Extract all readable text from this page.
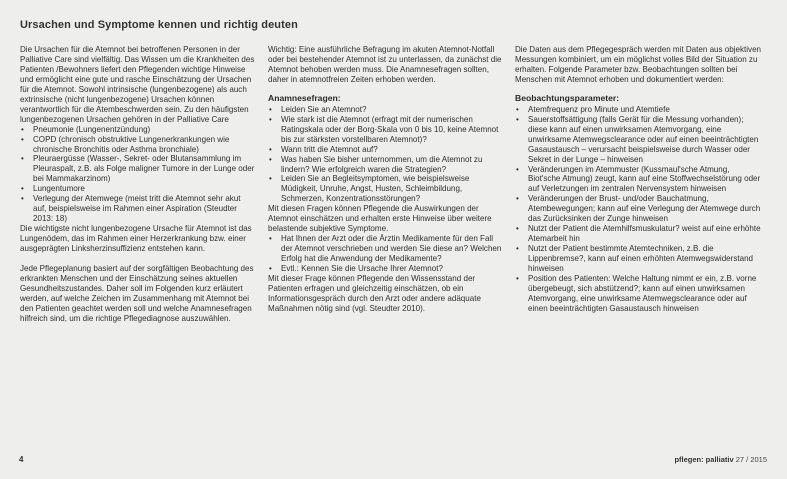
Ursachen und Symptome kennen und richtig deuten

Die Ursachen für die Atemnot bei betroffenen Personen in der Palliative Care sind vielfältig. Das Wissen um die Krankheiten des Patienten /Bewohners liefert den Pflegenden wichtige Hinweise und ermöglicht eine gute und rasche Einschätzung der Ursachen für die Atemnot. Sowohl intrinsische (lungenbezogene) als auch extrinsische (nicht lungenbezogene) Ursachen können verantwortlich für die Atembeschwerden sein. Zu den häufigsten lungenbezogenen Ursachen gehören in der Palliative Care

• Pneumonie (Lungenentzündung)
• COPD (chronisch obstruktive Lungenerkrankungen wie chronische Bronchitis oder Asthma bronchiale)
• Pleuraergüsse (Wasser-, Sekret- oder Blutansammlung im Pleuraspalt, z.B. als Folge maligner Tumore in der Lunge oder bei Mammakarzinom)
• Lungentumore
• Verlegung der Atemwege (meist tritt die Atemnot sehr akut auf, beispielsweise im Rahmen einer Aspiration (Steudter 2013: 18)

Die wichtigste nicht lungenbezogene Ursache für Atemnot ist das Lungenödem, das im Rahmen einer Herzerkrankung bzw. einer ausgeprägten Linksherzinsuffizienz entstehen kann.

Jede Pflegeplanung basiert auf der sorgfältigen Beobachtung des erkrankten Menschen und der Einschätzung seines aktuellen Gesundheitszustandes. Daher soll im Folgenden kurz erläutert werden, auf welche Zeichen im Zusammenhang mit Atemnot bei den Patienten geachtet werden soll und welche Anamnesefragen hilfreich sind, um die richtige Pflegediagnose auszuwählen.

Wichtig: Eine ausführliche Befragung im akuten Atemnot-Notfall oder bei bestehender Atemnot ist zu unterlassen, da zunächst die Atemnot behoben werden muss. Die Anamnesefragen sollten, daher in atemnotfreien Zeiten erhoben werden.

Anamnesefragen:
• Leiden Sie an Atemnot?
• Wie stark ist die Atemnot (erfragt mit der numerischen Ratingskala oder der Borg-Skala von 0 bis 10, keine Atemnot bis zur stärksten vorstellbaren Atemnot)?
• Wann tritt die Atemnot auf?
• Was haben Sie bisher unternommen, um die Atemnot zu lindern? Wie erfolgreich waren die Strategien?
• Leiden Sie an Begleitsymptomen, wie beispielsweise Müdigkeit, Unruhe, Angst, Husten, Schleimbildung, Schmerzen, Konzentrationsstörungen?

Mit diesen Fragen können Pflegende die Auswirkungen der Atemnot einschätzen und erhalten erste Hinweise über weitere belastende subjektive Symptome.

• Hat Ihnen der Arzt oder die Ärztin Medikamente für den Fall der Atemnot verschrieben und werden Sie diese an? Welchen Erfolg hat die Anwendung der Medikamente?
• Evtl.: Kennen Sie die Ursache Ihrer Atemnot?

Mit dieser Frage können Pflegende den Wissensstand der Patienten erfragen und gleichzeitig einschätzen, ob ein Informationsgespräch durch den Arzt oder andere adäquate Maßnahmen nötig sind (vgl. Steudter 2010).

Die Daten aus dem Pflegegespräch werden mit Daten aus objektiven Messungen kombiniert, um ein möglichst volles Bild der Situation zu erhalten. Folgende Parameter bzw. Beobachtungen sollten bei Menschen mit Atemnot erhoben und dokumentiert werden:

Beobachtungsparameter:
• Atemfrequenz pro Minute und Atemtiefe
• Sauerstoffsättigung (falls Gerät für die Messung vorhanden); diese kann auf einen unwirksamen Atemvorgang, eine unwirksame Atemwegsclearance oder auf einen beeinträchtigten Gasaustausch – verursacht beispielsweise durch Wasser oder Sekret in der Lunge – hinweisen
• Veränderungen im Atemmuster (Kussmaul'sche Atmung, Biot'sche Atmung) zeugt, kann auf eine Stoffwechselstörung oder auf Verletzungen im zentralen Nervensystem hinweisen
• Veränderungen der Brust- und/oder Bauchatmung, Atembewegungen; kann auf eine Verlegung der Atemwege durch das Zurücksinken der Zunge hinweisen
• Nutzt der Patient die Atemhilfsmuskulatur? weist auf eine erhöhte Atemarbeit hin
• Nutzt der Patient bestimmte Atemtechniken, z.B. die Lippenbremse?, kann auf einen erhöhten Atemwegswiderstand hinweisen
• Position des Patienten: Welche Haltung nimmt er ein, z.B. vorne übergebeugt, sich abstützend?; kann auf einen unwirksamen Atemvorgang, eine unwirksame Atemwegsclearance oder auf einen beeinträchtigten Gasaustausch hinweisen
4	pflegen: palliativ 27 / 2015
